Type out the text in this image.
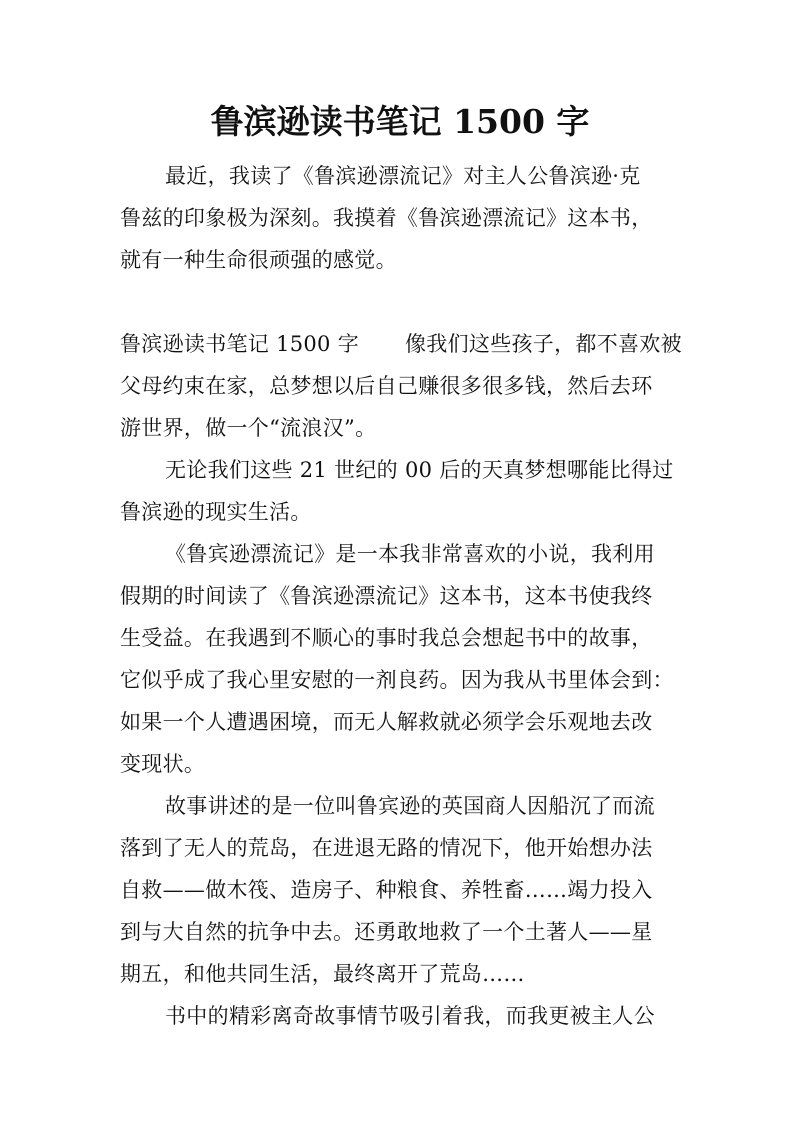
鲁滨逊读书笔记 1500 字
最近，我读了《鲁滨逊漂流记》对主人公鲁滨逊·克
鲁兹的印象极为深刻。我摸着《鲁滨逊漂流记》这本书，
就有一种生命很顽强的感觉。
鲁滨逊读书笔记 1500 字 像我们这些孩子，都不喜欢被
父母约束在家，总梦想以后自己赚很多很多钱，然后去环
游世界，做一个“流浪汉”。
无论我们这些 21 世纪的 00 后的天真梦想哪能比得过
鲁滨逊的现实生活。
《鲁宾逊漂流记》是一本我非常喜欢的小说，我利用
假期的时间读了《鲁滨逊漂流记》这本书，这本书使我终
生受益。在我遇到不顺心的事时我总会想起书中的故事，
它似乎成了我心里安慰的一剂良药。因为我从书里体会到：
如果一个人遭遇困境，而无人解救就必须学会乐观地去改
变现状。
故事讲述的是一位叫鲁宾逊的英国商人因船沉了而流
落到了无人的荒岛，在进退无路的情况下，他开始想办法
自救——做木筏、造房子、种粮食、养牲畜……竭力投入
到与大自然的抗争中去。还勇敢地救了一个土著人——星
期五，和他共同生活，最终离开了荒岛……
书中的精彩离奇故事情节吸引着我，而我更被主人公
